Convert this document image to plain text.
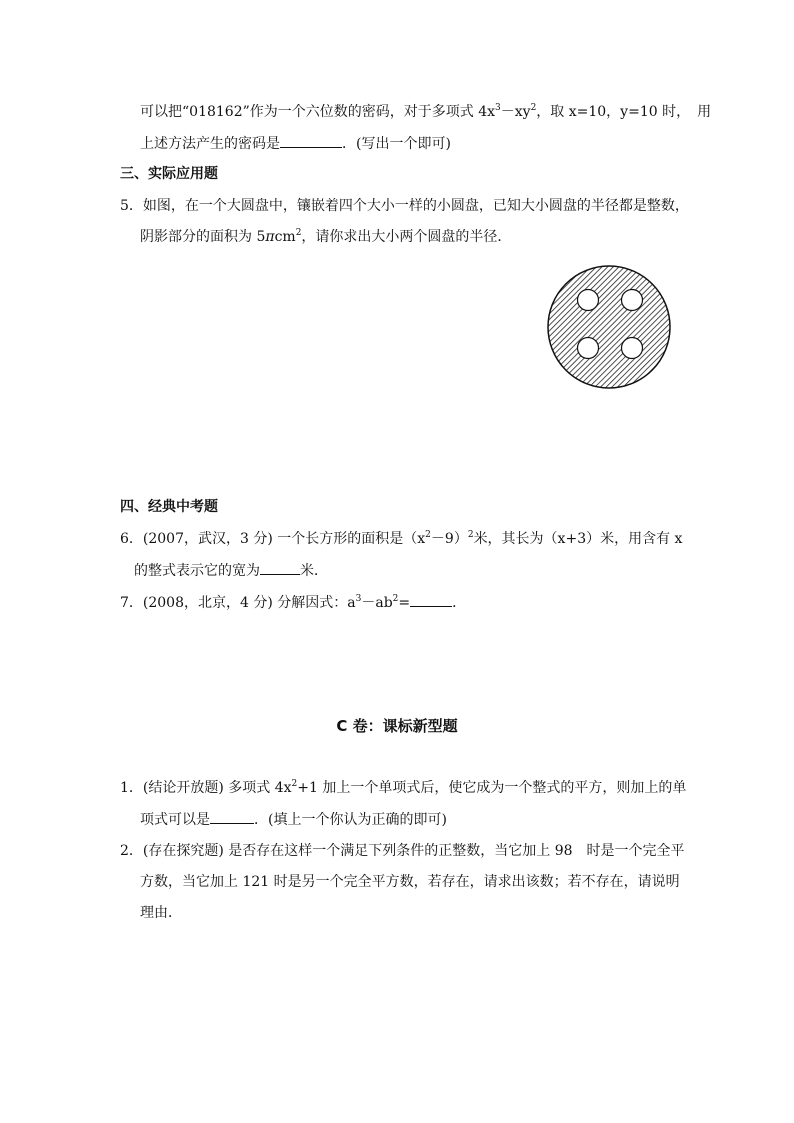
可以把“018162”作为一个六位数的密码，对于多项式 $4x^3-xy^2$，取 x=10，y=10 时，　用
上述方法产生的密码是	．(写出一个即可)
三、实际应用题
5．如图，在一个大圆盘中，镶嵌着四个大小一样的小圆盘，已知大小圆盘的半径都是整数，
阴影部分的面积为 5πcm$^2$，请你求出大小两个圆盘的半径．
四、经典中考题
6．(2007，武汉，3 分) 一个长方形的面积是$(x^2-9)^2$米，其长为（x+3）米，用含有 x
的整式表示它的宽为	米．
7．(2008，北京，4 分) 分解因式：$a^3-ab^2=$	．
C 卷：课标新型题
1．(结论开放题) 多项式 $4x^2+1$ 加上一个单项式后，使它成为一个整式的平方，则加上的单
项式可以是	．(填上一个你认为正确的即可)
2．(存在探究题) 是否存在这样一个满足下列条件的正整数，当它加上 98　时是一个完全平
方数，当它加上 121 时是另一个完全平方数，若存在，请求出该数；若不存在，请说明
理由．
